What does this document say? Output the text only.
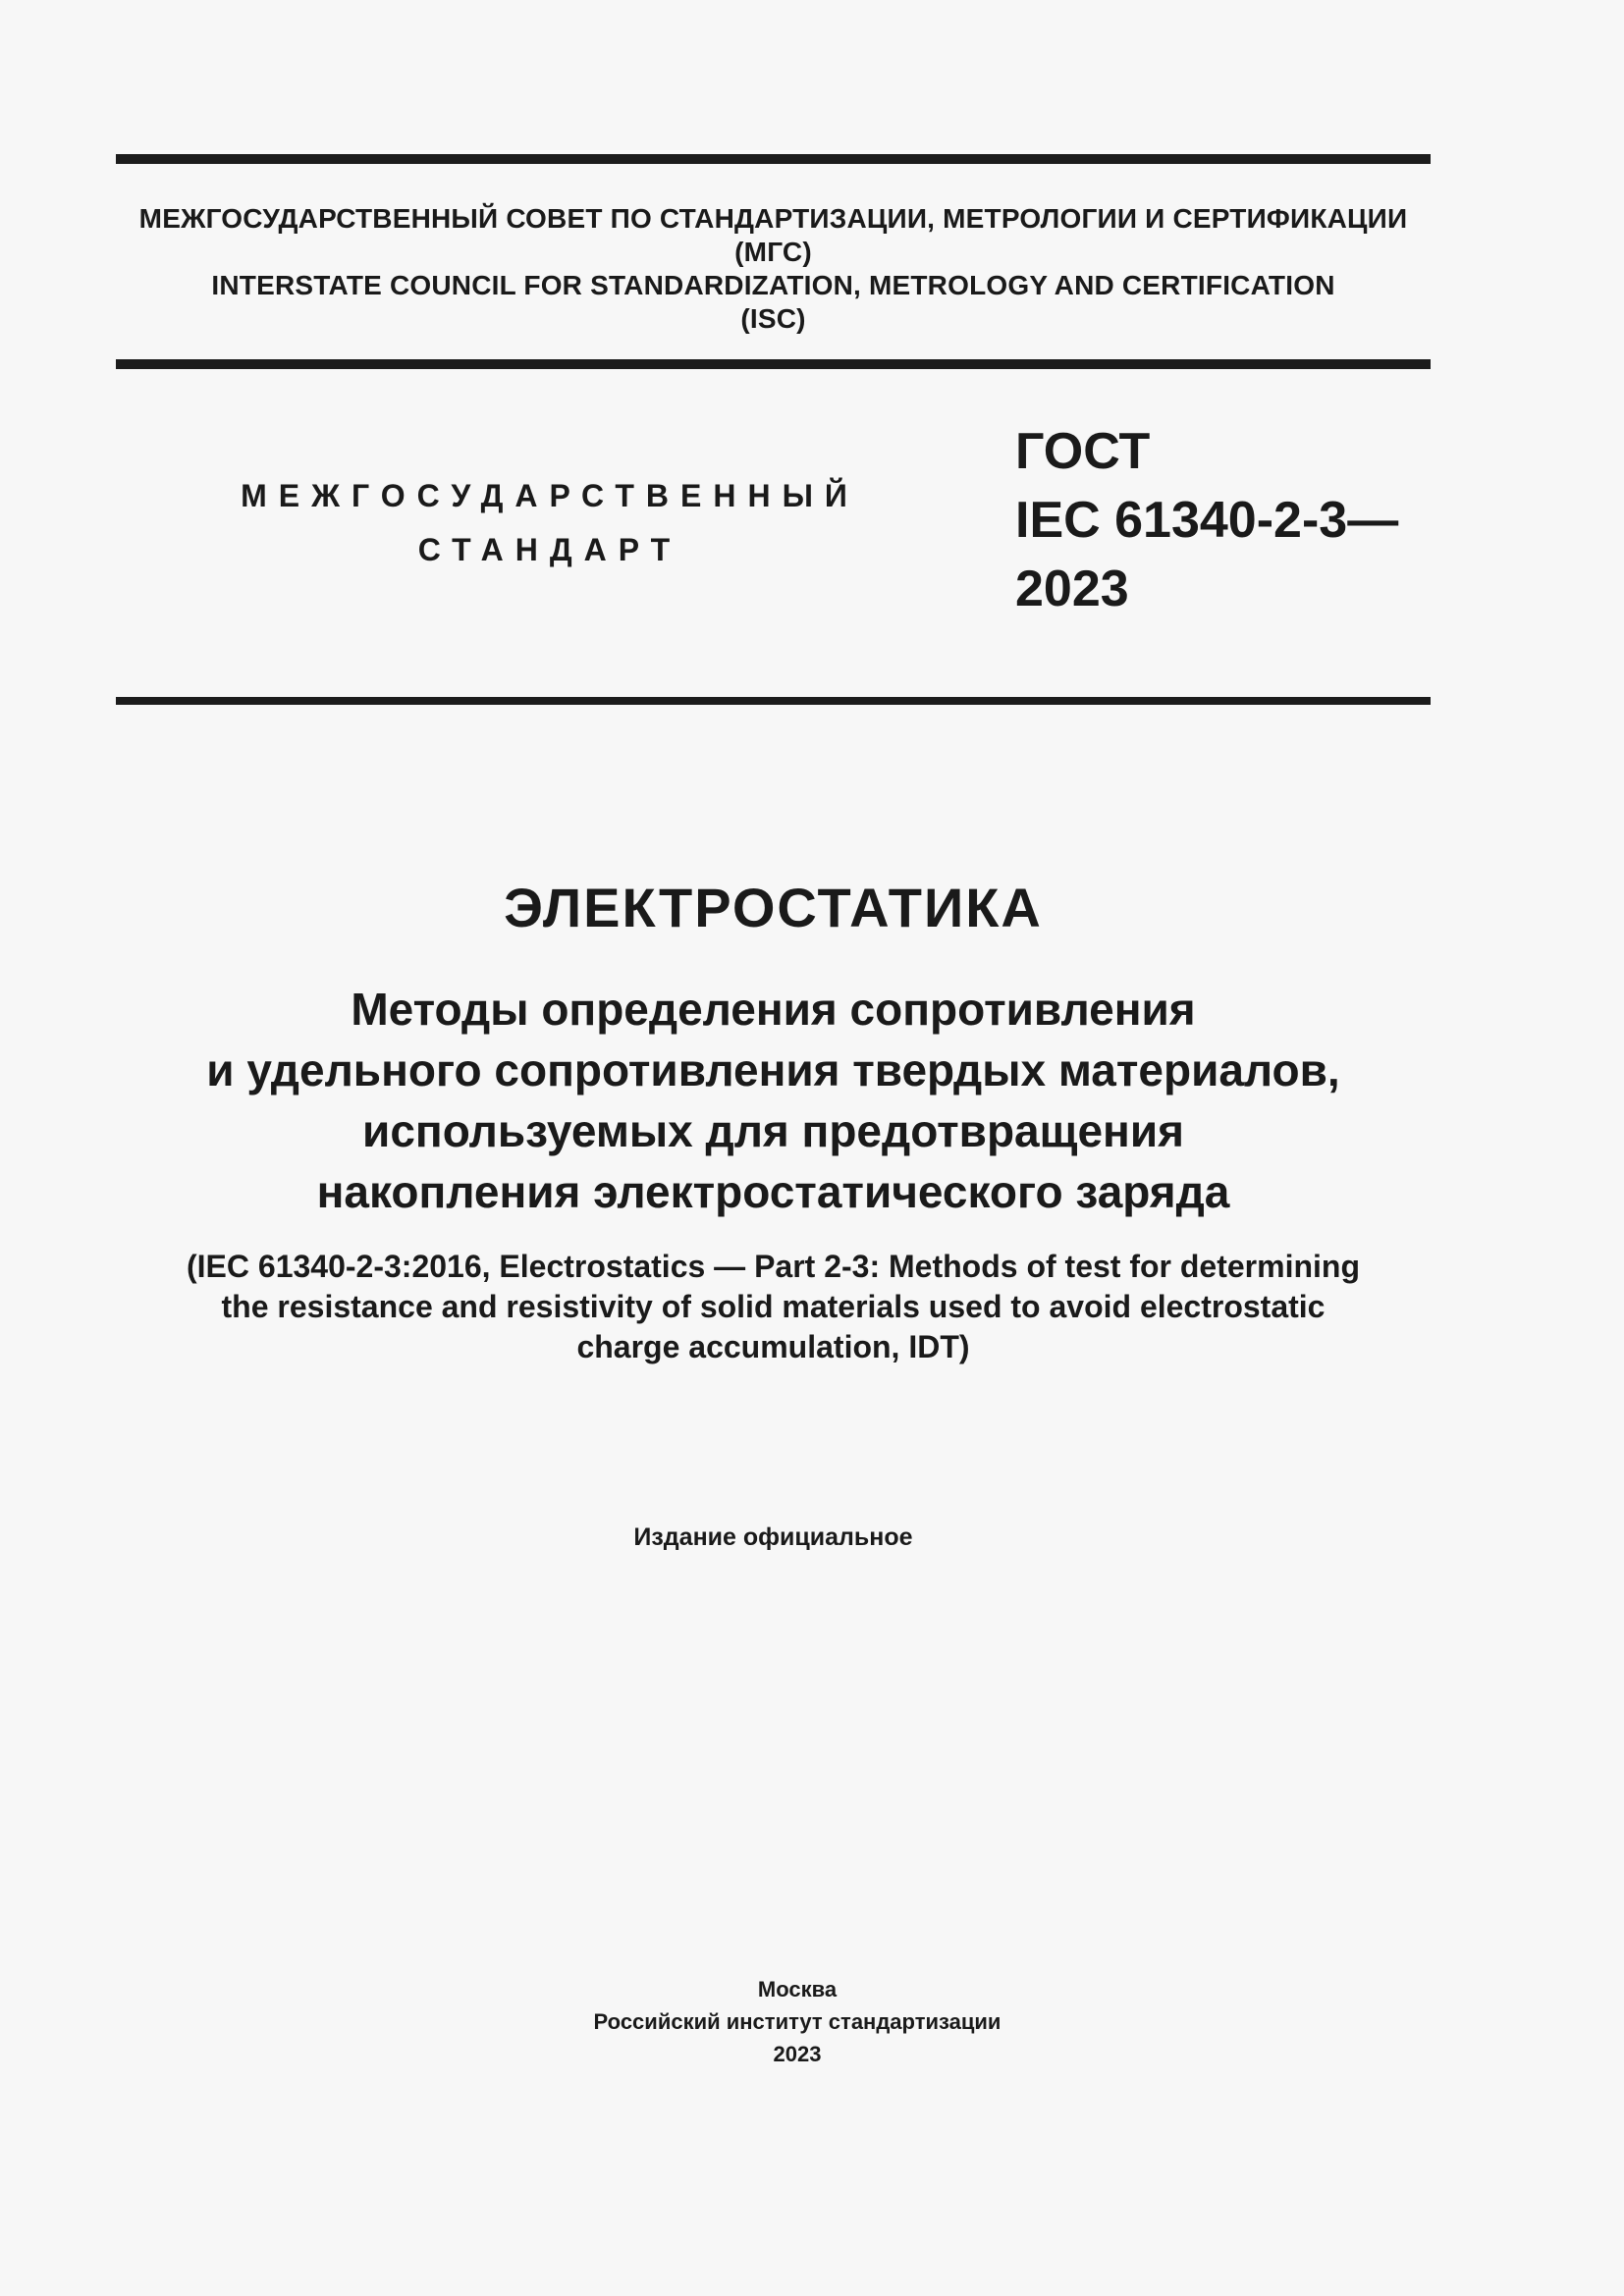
МЕЖГОСУДАРСТВЕННЫЙ СОВЕТ ПО СТАНДАРТИЗАЦИИ, МЕТРОЛОГИИ И СЕРТИФИКАЦИИ
(МГС)
INTERSTATE COUNCIL FOR STANDARDIZATION, METROLOGY AND CERTIFICATION
(ISC)
МЕЖГОСУДАРСТВЕННЫЙ
СТАНДАРТ
ГОСТ
IEC 61340-2-3—
2023
ЭЛЕКТРОСТАТИКА
Методы определения сопротивления
и удельного сопротивления твердых материалов,
используемых для предотвращения
накопления электростатического заряда
(IEC 61340-2-3:2016, Electrostatics — Part 2-3: Methods of test for determining
the resistance and resistivity of solid materials used to avoid electrostatic
charge accumulation, IDT)
Издание официальное
Москва
Российский институт стандартизации
2023
